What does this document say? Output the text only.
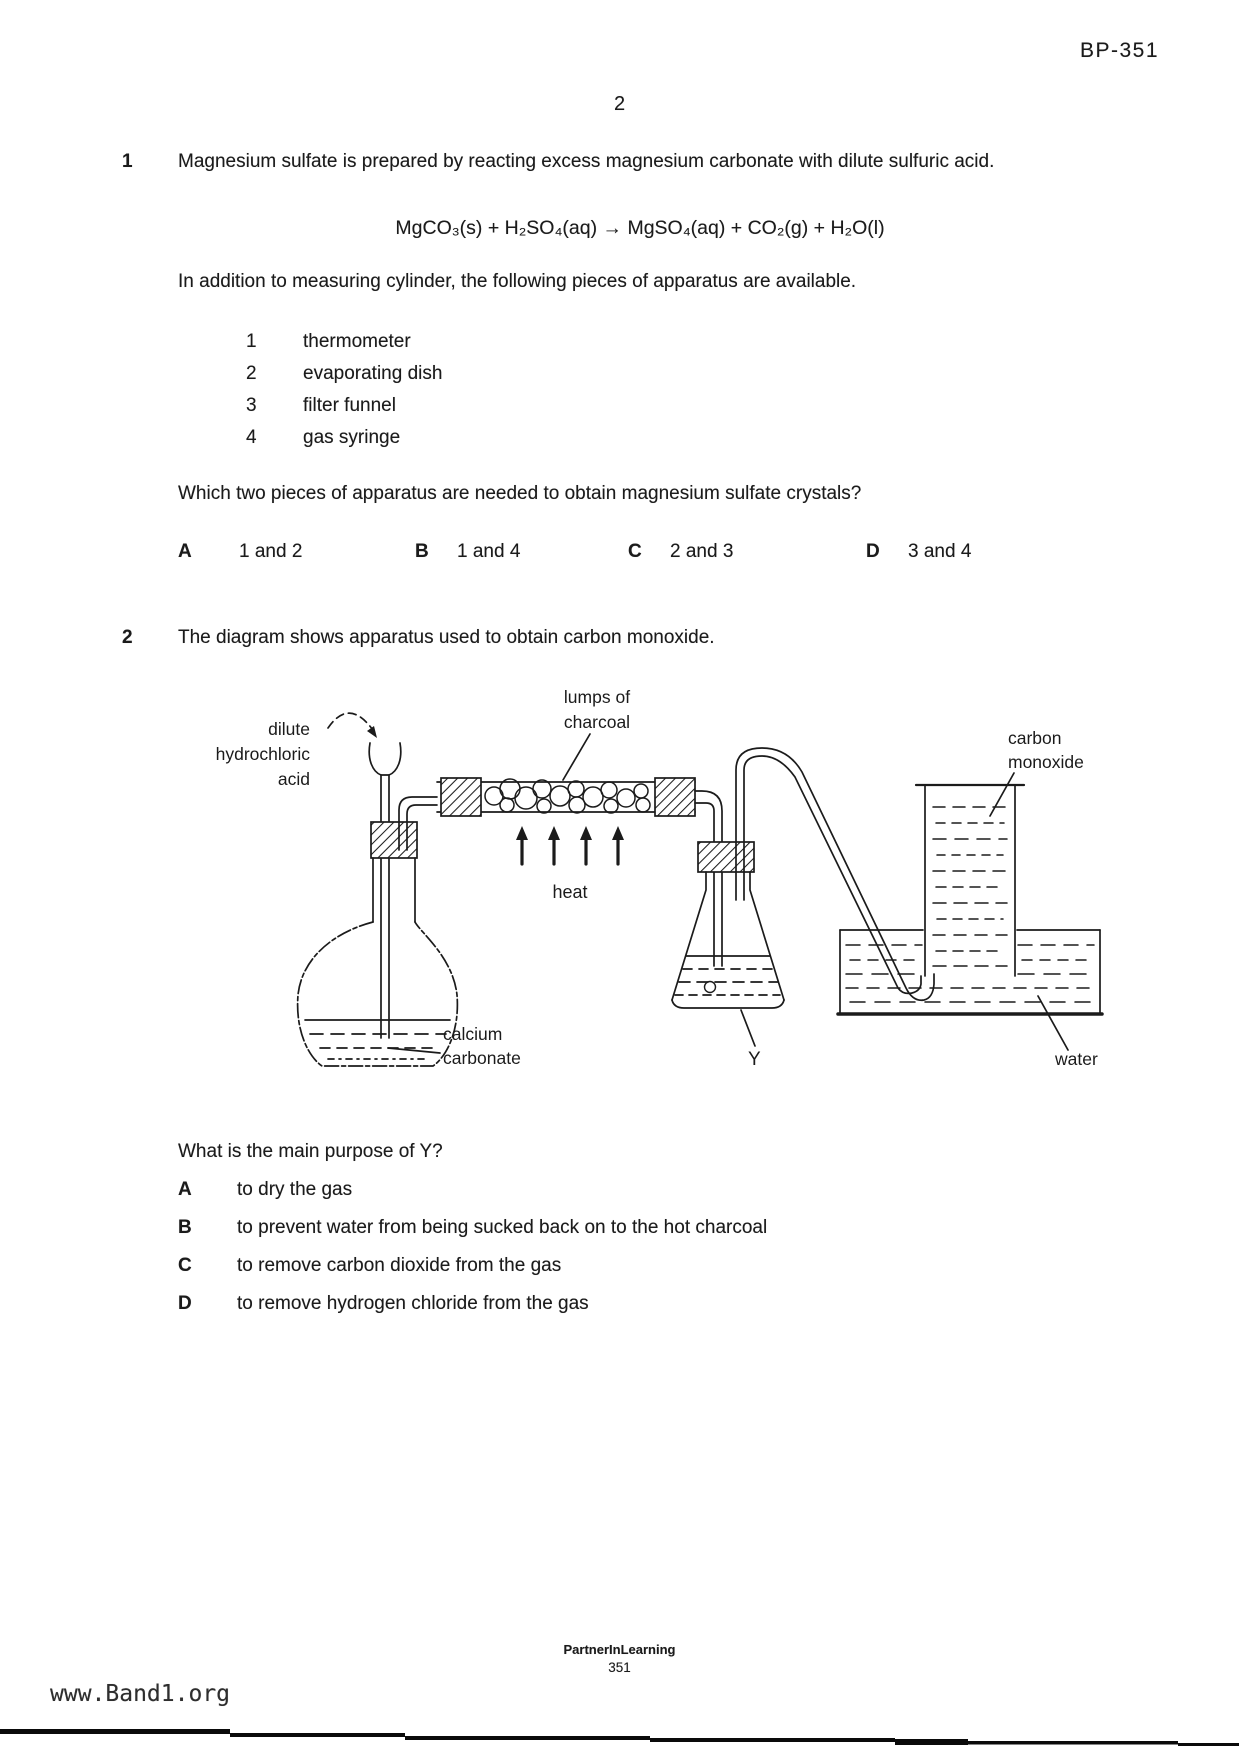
BP-351
2
1 Magnesium sulfate is prepared by reacting excess magnesium carbonate with dilute sulfuric acid.
MgCO₃(s) + H₂SO₄(aq) → MgSO₄(aq) + CO₂(g) + H₂O(l)
In addition to measuring cylinder, the following pieces of apparatus are available.
1 thermometer
2 evaporating dish
3 filter funnel
4 gas syringe
Which two pieces of apparatus are needed to obtain magnesium sulfate crystals?
A 1 and 2	B 1 and 4	C 2 and 3	D 3 and 4
2 The diagram shows apparatus used to obtain carbon monoxide.
dilute
hydrochloric
acid
lumps of
charcoal
carbon
monoxide
heat
calcium
carbonate	Y	water
What is the main purpose of Y?
A to dry the gas
B to prevent water from being sucked back on to the hot charcoal
C to remove carbon dioxide from the gas
D to remove hydrogen chloride from the gas
PartnerInLearning
351
www.Band1.org
